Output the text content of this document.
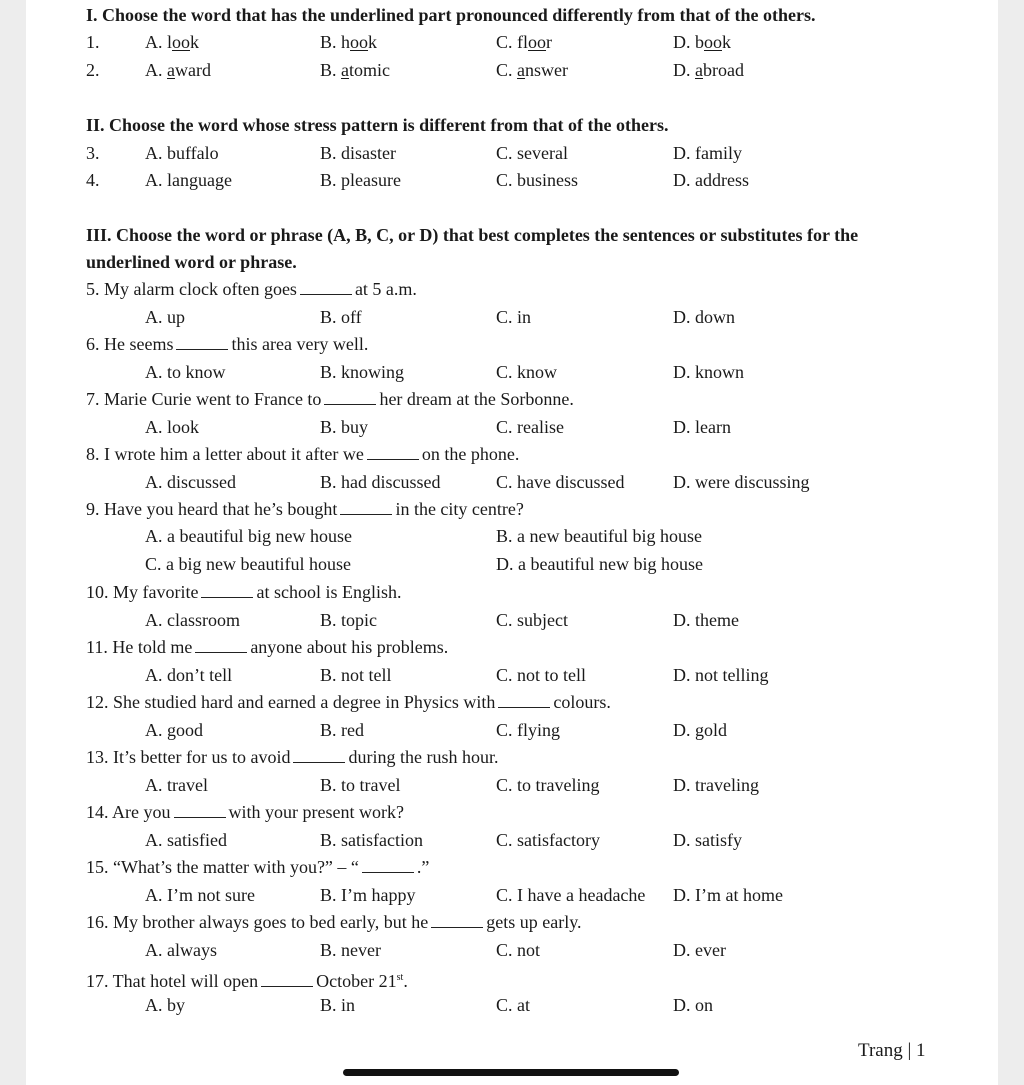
I. Choose the word that has the underlined part pronounced differently from that of the others.
1.	A. look	B. hook	C. floor	D. book
2.	A. award	B. atomic	C. answer	D. abroad
II. Choose the word whose stress pattern is different from that of the others.
3.	A. buffalo	B. disaster	C. several	D. family
4.	A. language	B. pleasure	C. business	D. address
III. Choose the word or phrase (A, B, C, or D) that best completes the sentences or substitutes for the
underlined word or phrase.
5. My alarm clock often goes	at 5 a.m.
A. up	B. off	C. in	D. down
6. He seems	this area very well.
A. to know	B. knowing	C. know	D. known
7. Marie Curie went to France to	her dream at the Sorbonne.
A. look	B. buy	C. realise	D. learn
8. I wrote him a letter about it after we	on the phone.
A. discussed	B. had discussed	C. have discussed	D. were discussing
9. Have you heard that he’s bought	in the city centre?
A. a beautiful big new house	B. a new beautiful big house
C. a big new beautiful house	D. a beautiful new big house
10. My favorite	at school is English.
A. classroom	B. topic	C. subject	D. theme
11. He told me	anyone about his problems.
A. don’t tell	B. not tell	C. not to tell	D. not telling
12. She studied hard and earned a degree in Physics with	colours.
A. good	B. red	C. flying	D. gold
13. It’s better for us to avoid	during the rush hour.
A. travel	B. to travel	C. to traveling	D. traveling
14. Are you	with your present work?
A. satisfied	B. satisfaction	C. satisfactory	D. satisfy
15. “What’s the matter with you?” – “	.”
A. I’m not sure	B. I’m happy	C. I have a headache D. I’m at home
16. My brother always goes to bed early, but he	gets up early.
A. always	B. never	C. not	D. ever
17. That hotel will open	October 21st.
A. by	B. in	C. at	D. on
Trang | 1
